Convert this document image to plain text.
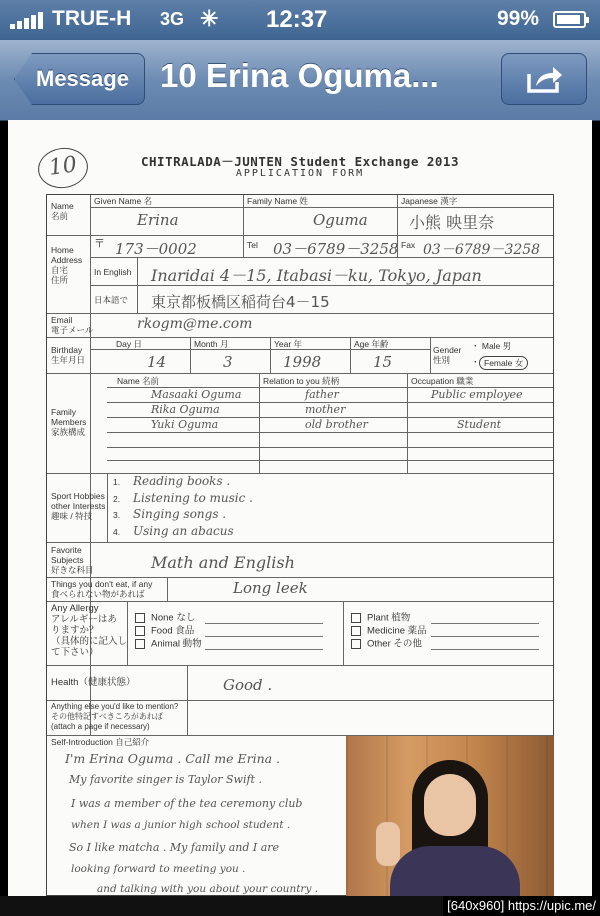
TRUE-H 3G ✳ 12:37	99%
Message 10 Erina Oguma...
10	CHITRALADA－JUNTEN Student Exchange 2013
APPLICATION FORM
Name
名前
Given Name 名	Family Name 姓	Japanese 漢字
Erina	Oguma	小熊 映里奈
Home
Address
自宅
住所
〒 173－0002	Tel 03－6789－3258 Fax 03－6789－3258
In English Inaridai 4－15, Itabasi－ku, Tokyo, Japan
日本語で 東京都板橋区稲荷台4－15
Email
電子メール	rkogm@me.com
Birthday
生年月日
Day 日	Month 月	Year 年	Age 年齢
14	3	1998	15
Gender
性別
・ Male 男
・ Female 女
Family
Members
家族構成
Name 名前	Relation to you 続柄	Occupation 職業
Masaaki Oguma	father	Public employee
Rika Oguma	mother
Yuki Oguma	old brother	Student
Sport Hobbies
other Interests
趣味 / 特技
1. Reading books .
2. Listening to music .
3. Singing songs .
4. Using an abacus
Favorite
Subjects
好きな科目	Math and English
Things you don't eat, if any
食べられない物があれば	Long leek
Any Allergy
アレルギーはあ
りますか？
（具体的に記入し
て下さい）
None なし
Food 食品
Animal 動物
Plant 植物
Medicine 薬品
Other その他
Health（健康状態）	Good .
Anything else you'd like to mention?
その他特記すべきころがあれば
(attach a page if necessary)
Self-Introduction 自己紹介
I'm Erina Oguma . Call me Erina .
My favorite singer is Taylor Swift .
I was a member of the tea ceremony club
when I was a junior high school student .
So I like matcha . My family and I are
looking forward to meeting you .
and talking with you about your country .
[640x960] https://upic.me/
